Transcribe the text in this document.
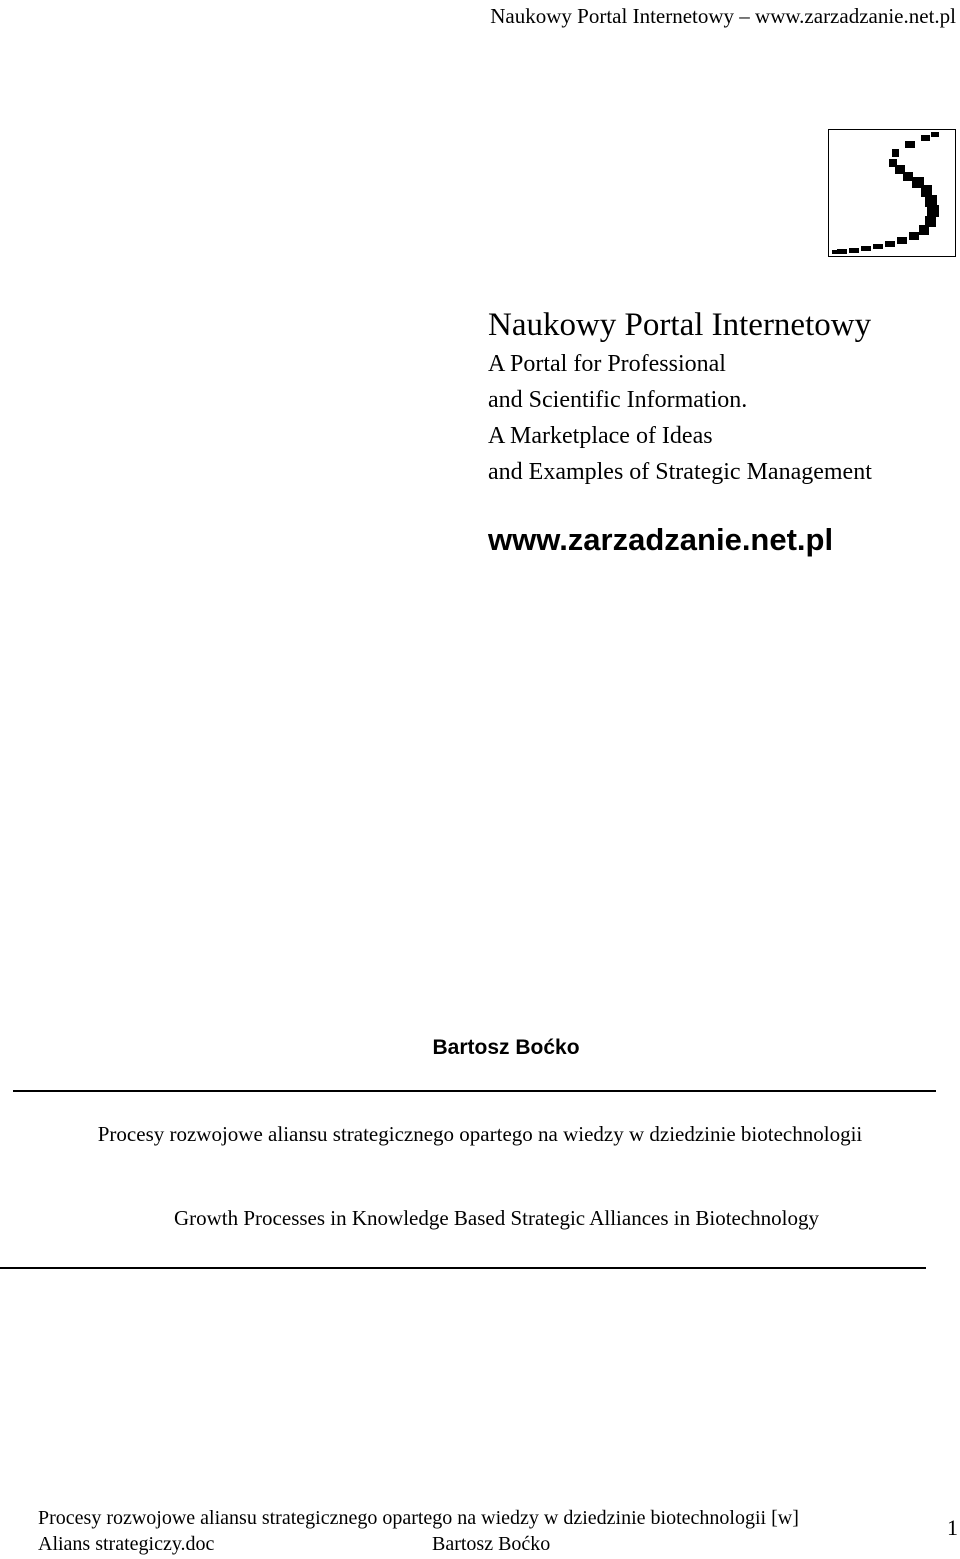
Naukowy Portal Internetowy – www.zarzadzanie.net.pl
Naukowy Portal Internetowy
A Portal for Professional
and Scientific Information.
A Marketplace of Ideas
and Examples of Strategic Management
www.zarzadzanie.net.pl
Bartosz Boćko
Procesy rozwojowe aliansu strategicznego opartego na wiedzy w dziedzinie biotechnologii
Growth Processes in Knowledge Based Strategic Alliances in Biotechnology
Procesy rozwojowe aliansu strategicznego opartego na wiedzy w dziedzinie biotechnologii [w]	1
Alians strategiczy.doc	Bartosz Boćko
